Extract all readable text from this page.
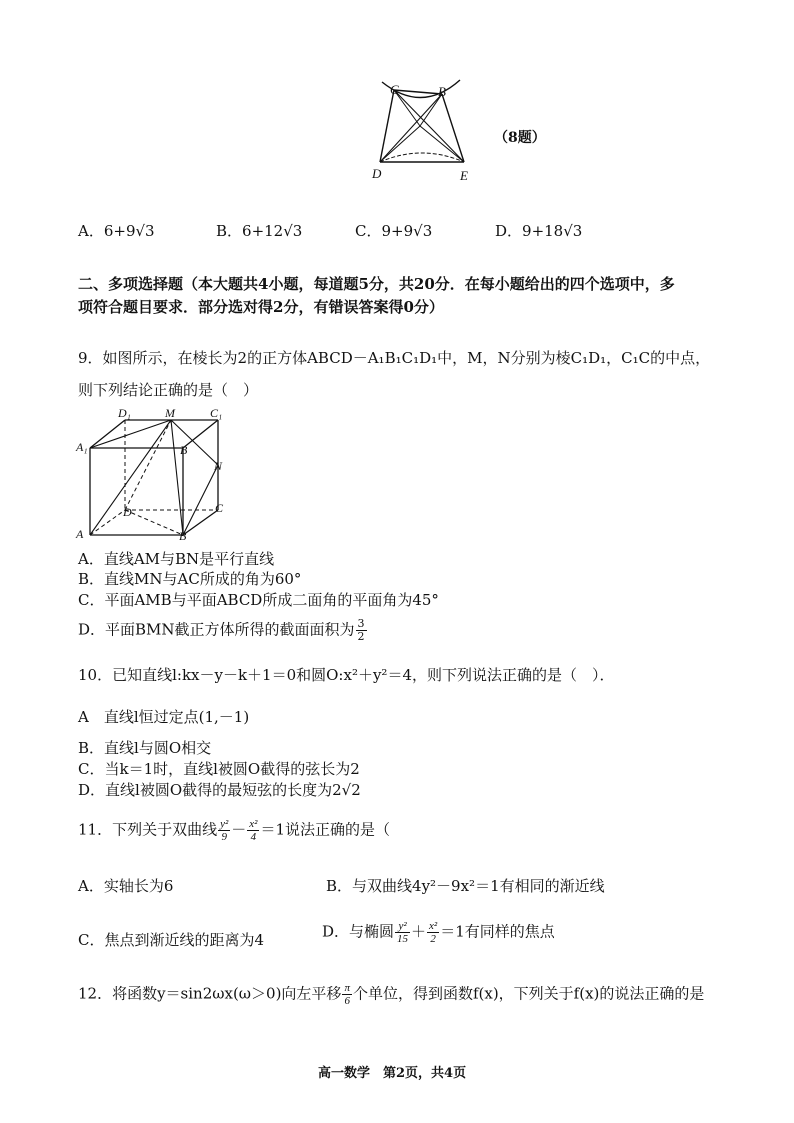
C	B
D	E
（8题）
A．6+9√3	B．6+12√3	C．9+9√3	D．9+18√3
二、多项选择题（本大题共4小题，每道题5分，共20分．在每小题给出的四个选项中，多
项符合题目要求．部分选对得2分，有错误答案得0分）
9．如图所示，在棱长为2的正方体ABCD－A₁B₁C₁D₁中，M，N分别为棱C₁D₁，C₁C的中点，
则下列结论正确的是（　）
D₁	M	C₁
A₁	B
N
D	C
A	B
A．直线AM与BN是平行直线
B．直线MN与AC所成的角为60°
C．平面AMB与平面ABCD所成二面角的平面角为45°
D．平面BMN截正方体所得的截面面积为 $\frac{3}{2}$
10．已知直线l:kx－y－k＋1＝0和圆O:x²＋y²＝4，则下列说法正确的是（　）．
A　直线l恒过定点(1,－1)
B．直线l与圆O相交
C．当k＝1时，直线l被圆O截得的弦长为2
D．直线l被圆O截得的最短弦的长度为2√2
11．下列关于双曲线 $\frac{\text{y²}}{9} - \frac{\text{x²}}{4} =1$说法正确的是（
A．实轴长为6	B．与双曲线4y²－9x²＝1有相同的渐近线
C．焦点到渐近线的距离为4	D．与椭圆 $\frac{\text{y²}}{15} + \frac{\text{x²}}{2} =1$有同样的焦点
12．将函数y＝sin2ωx(ω＞0)向左平移 $\frac{\pi}{6}$ 个单位，得到函数f(x)，下列关于f(x)的说法正确的是
高一数学　第2页，共4页
